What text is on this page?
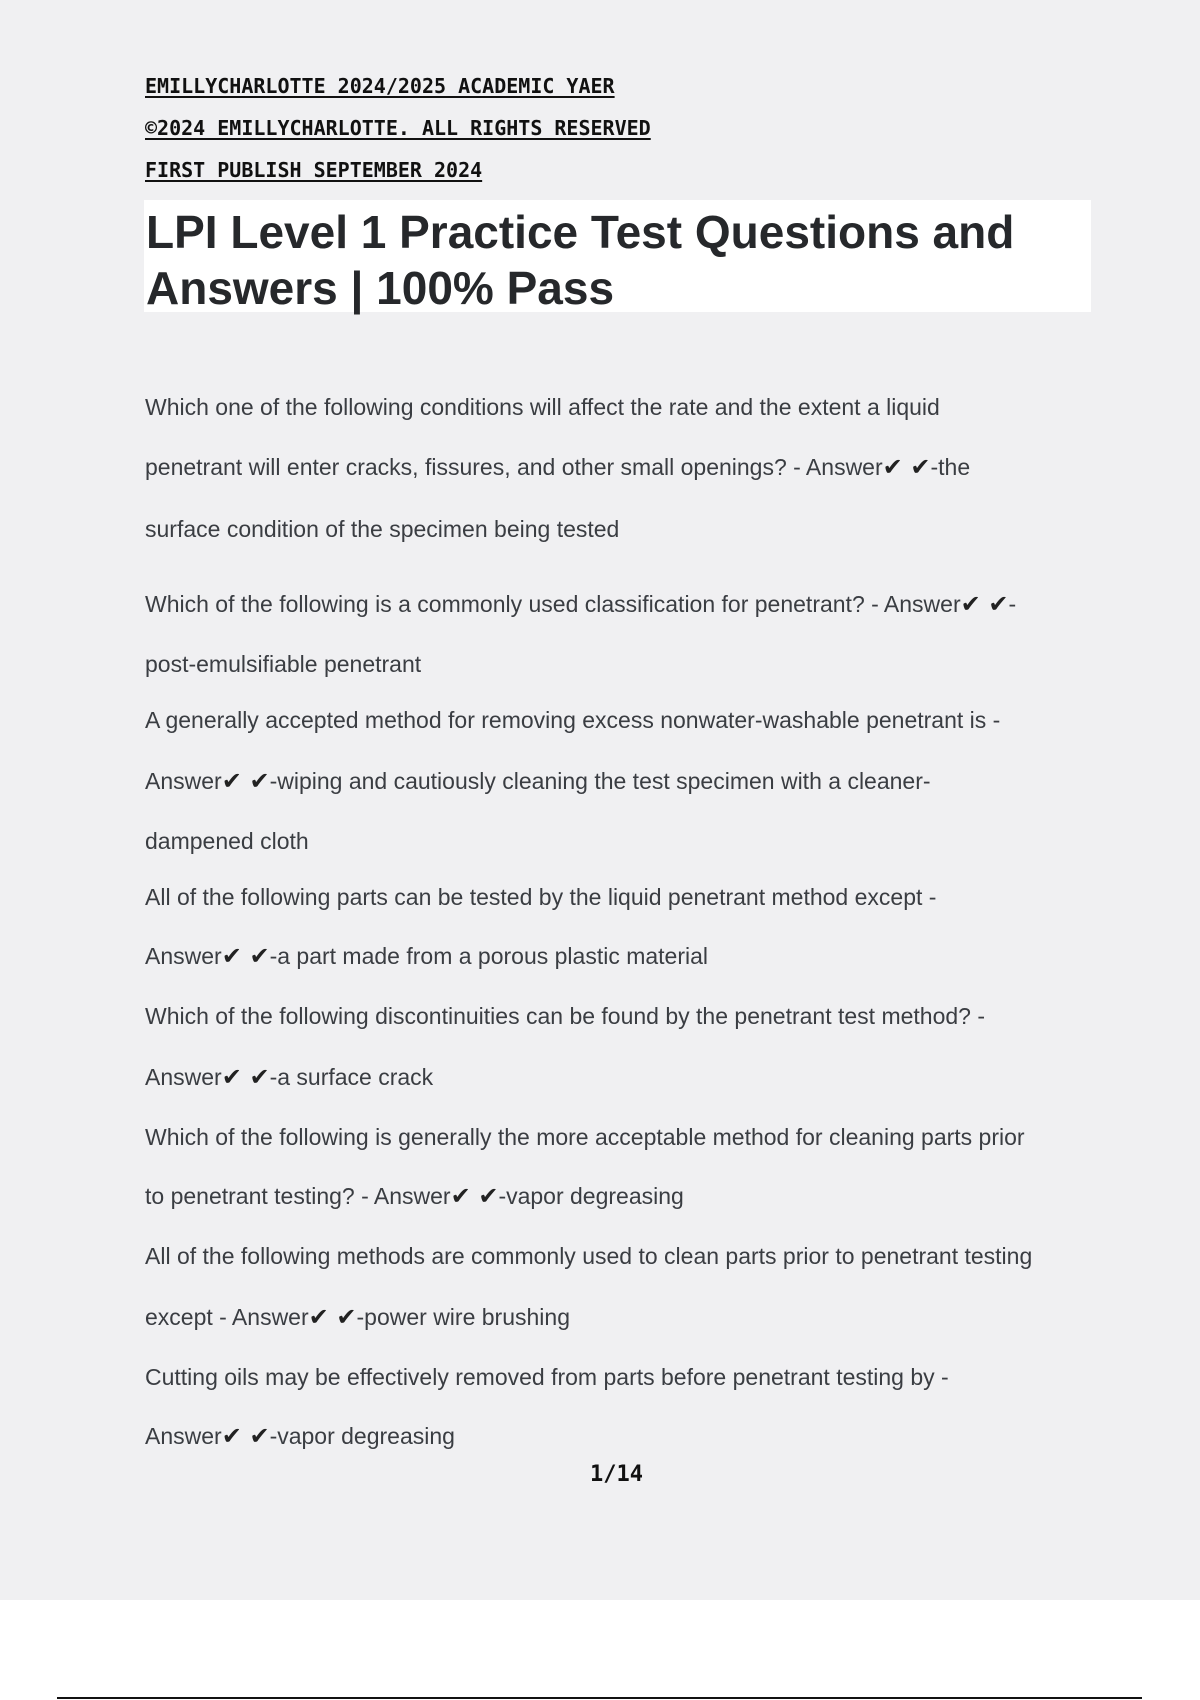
EMILLYCHARLOTTE 2024/2025 ACADEMIC YAER
©2024 EMILLYCHARLOTTE. ALL RIGHTS RESERVED
FIRST PUBLISH SEPTEMBER 2024
LPI Level 1 Practice Test Questions and
Answers | 100% Pass
Which one of the following conditions will affect the rate and the extent a liquid
penetrant will enter cracks, fissures, and other small openings? - Answer✔ ✔-the
surface condition of the specimen being tested
Which of the following is a commonly used classification for penetrant? - Answer✔ ✔-
post-emulsifiable penetrant
A generally accepted method for removing excess nonwater-washable penetrant is -
Answer✔ ✔-wiping and cautiously cleaning the test specimen with a cleaner-
dampened cloth
All of the following parts can be tested by the liquid penetrant method except -
Answer✔ ✔-a part made from a porous plastic material
Which of the following discontinuities can be found by the penetrant test method? -
Answer✔ ✔-a surface crack
Which of the following is generally the more acceptable method for cleaning parts prior
to penetrant testing? - Answer✔ ✔-vapor degreasing
All of the following methods are commonly used to clean parts prior to penetrant testing
except - Answer✔ ✔-power wire brushing
Cutting oils may be effectively removed from parts before penetrant testing by -
Answer✔ ✔-vapor degreasing
1/14
